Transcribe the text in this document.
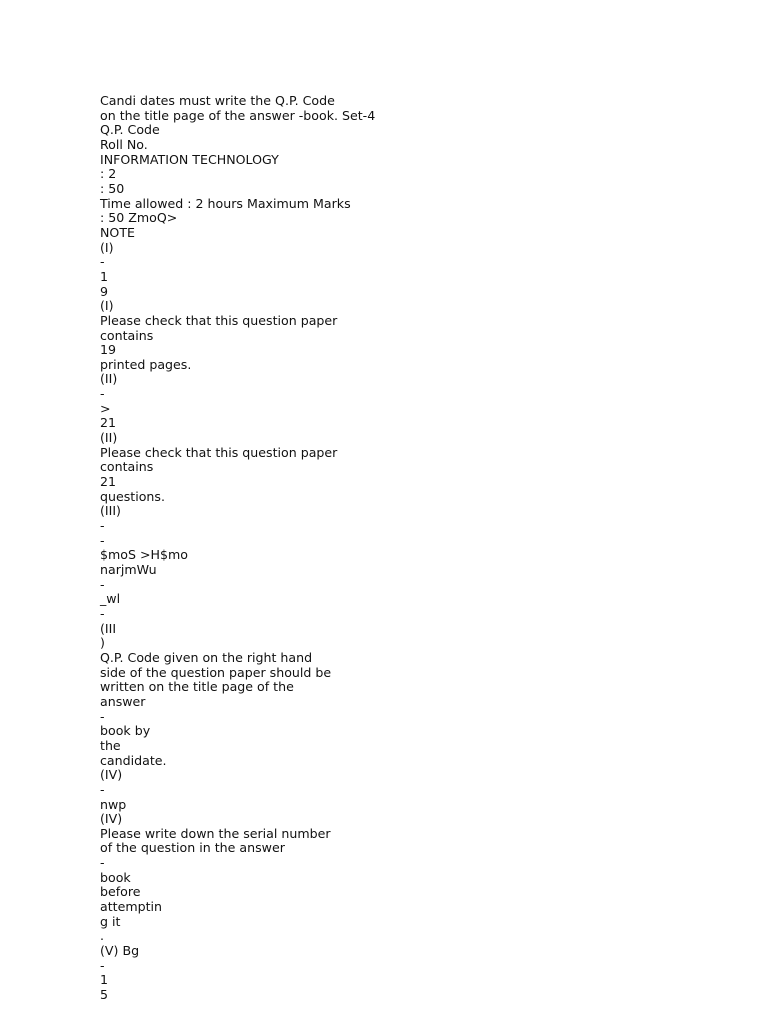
Candi dates must write the Q.P. Code
on the title page of the answer -book. Set-4
Q.P. Code
Roll No.
INFORMATION TECHNOLOGY
: 2
: 50
Time allowed : 2 hours Maximum Marks
: 50 ZmoQ>
NOTE
(I)
-
1
9
(I)
Please check that this question paper
contains
19
printed pages.
(II)
-
>
21
(II)
Please check that this question paper
contains
21
questions.
(III)
-
-
$moS >H$mo
narjmWu
-
_wl
-
(III
)
Q.P. Code given on the right hand
side of the question paper should be
written on the title page of the
answer
-
book by
the
candidate.
(IV)
-
nwp
(IV)
Please write down the serial number
of the question in the answer
-
book
before
attemptin
g it
.
(V) Bg
-
1
5
